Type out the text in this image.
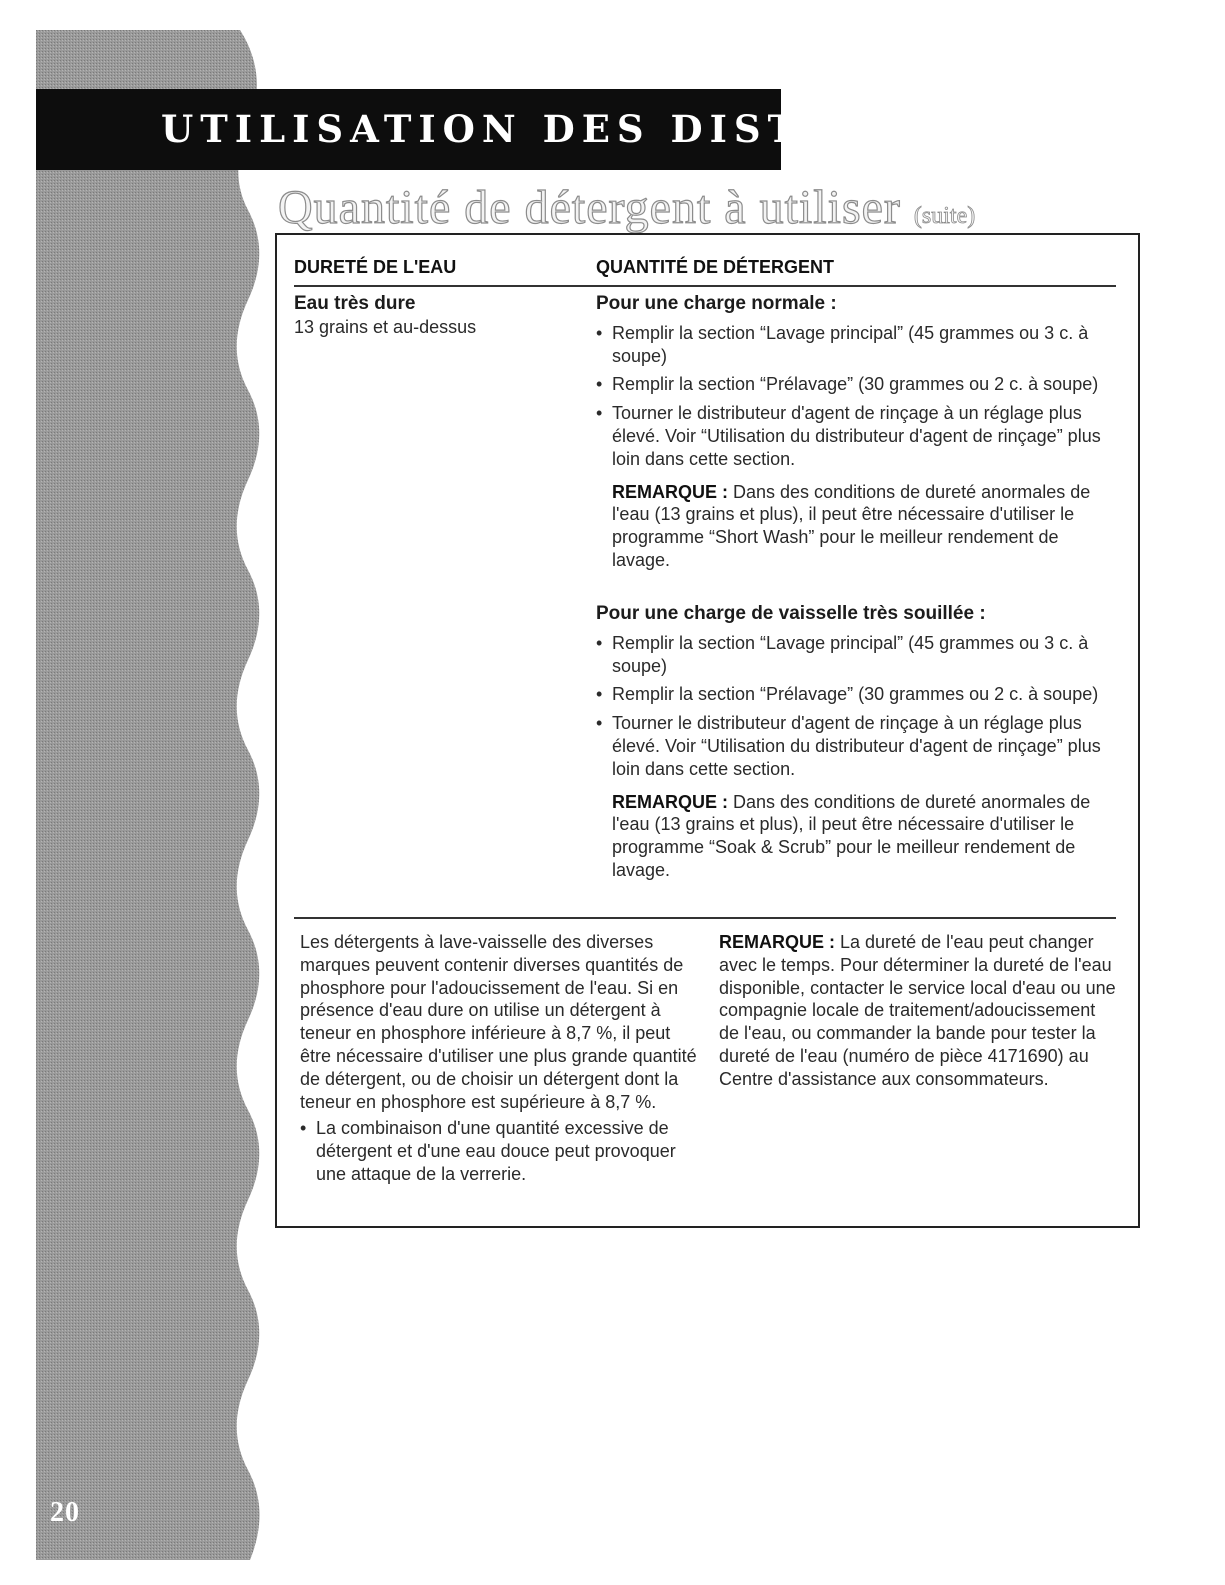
20
UTILISATION DES DISTRIBUTEURS
Quantité de détergent à utiliser (suite)
DURETÉ DE L'EAU	QUANTITÉ DE DÉTERGENT
Eau très dure
13 grains et au-dessus
Pour une charge normale :
• Remplir la section “Lavage principal” (45 grammes ou 3 c. à soupe)
• Remplir la section “Prélavage” (30 grammes ou 2 c. à soupe)
• Tourner le distributeur d'agent de rinçage à un réglage plus élevé. Voir “Utilisation du distributeur d'agent de rinçage” plus loin dans cette section.
REMARQUE : Dans des conditions de dureté anormales de l'eau (13 grains et plus), il peut être nécessaire d'utiliser le programme “Short Wash” pour le meilleur rendement de lavage.
Pour une charge de vaisselle très souillée :
• Remplir la section “Lavage principal” (45 grammes ou 3 c. à soupe)
• Remplir la section “Prélavage” (30 grammes ou 2 c. à soupe)
• Tourner le distributeur d'agent de rinçage à un réglage plus élevé. Voir “Utilisation du distributeur d'agent de rinçage” plus loin dans cette section.
REMARQUE : Dans des conditions de dureté anormales de l'eau (13 grains et plus), il peut être nécessaire d'utiliser le programme “Soak & Scrub” pour le meilleur rendement de lavage.
Les détergents à lave-vaisselle des diverses marques peuvent contenir diverses quantités de phosphore pour l'adoucissement de l'eau. Si en présence d'eau dure on utilise un détergent à teneur en phosphore inférieure à 8,7 %, il peut être nécessaire d'utiliser une plus grande quantité de détergent, ou de choisir un détergent dont la teneur en phosphore est supérieure à 8,7 %.
• La combinaison d'une quantité excessive de détergent et d'une eau douce peut provoquer une attaque de la verrerie.
REMARQUE : La dureté de l'eau peut changer avec le temps. Pour déterminer la dureté de l'eau disponible, contacter le service local d'eau ou une compagnie locale de traitement/adoucissement de l'eau, ou commander la bande pour tester la dureté de l'eau (numéro de pièce 4171690) au Centre d'assistance aux consommateurs.
